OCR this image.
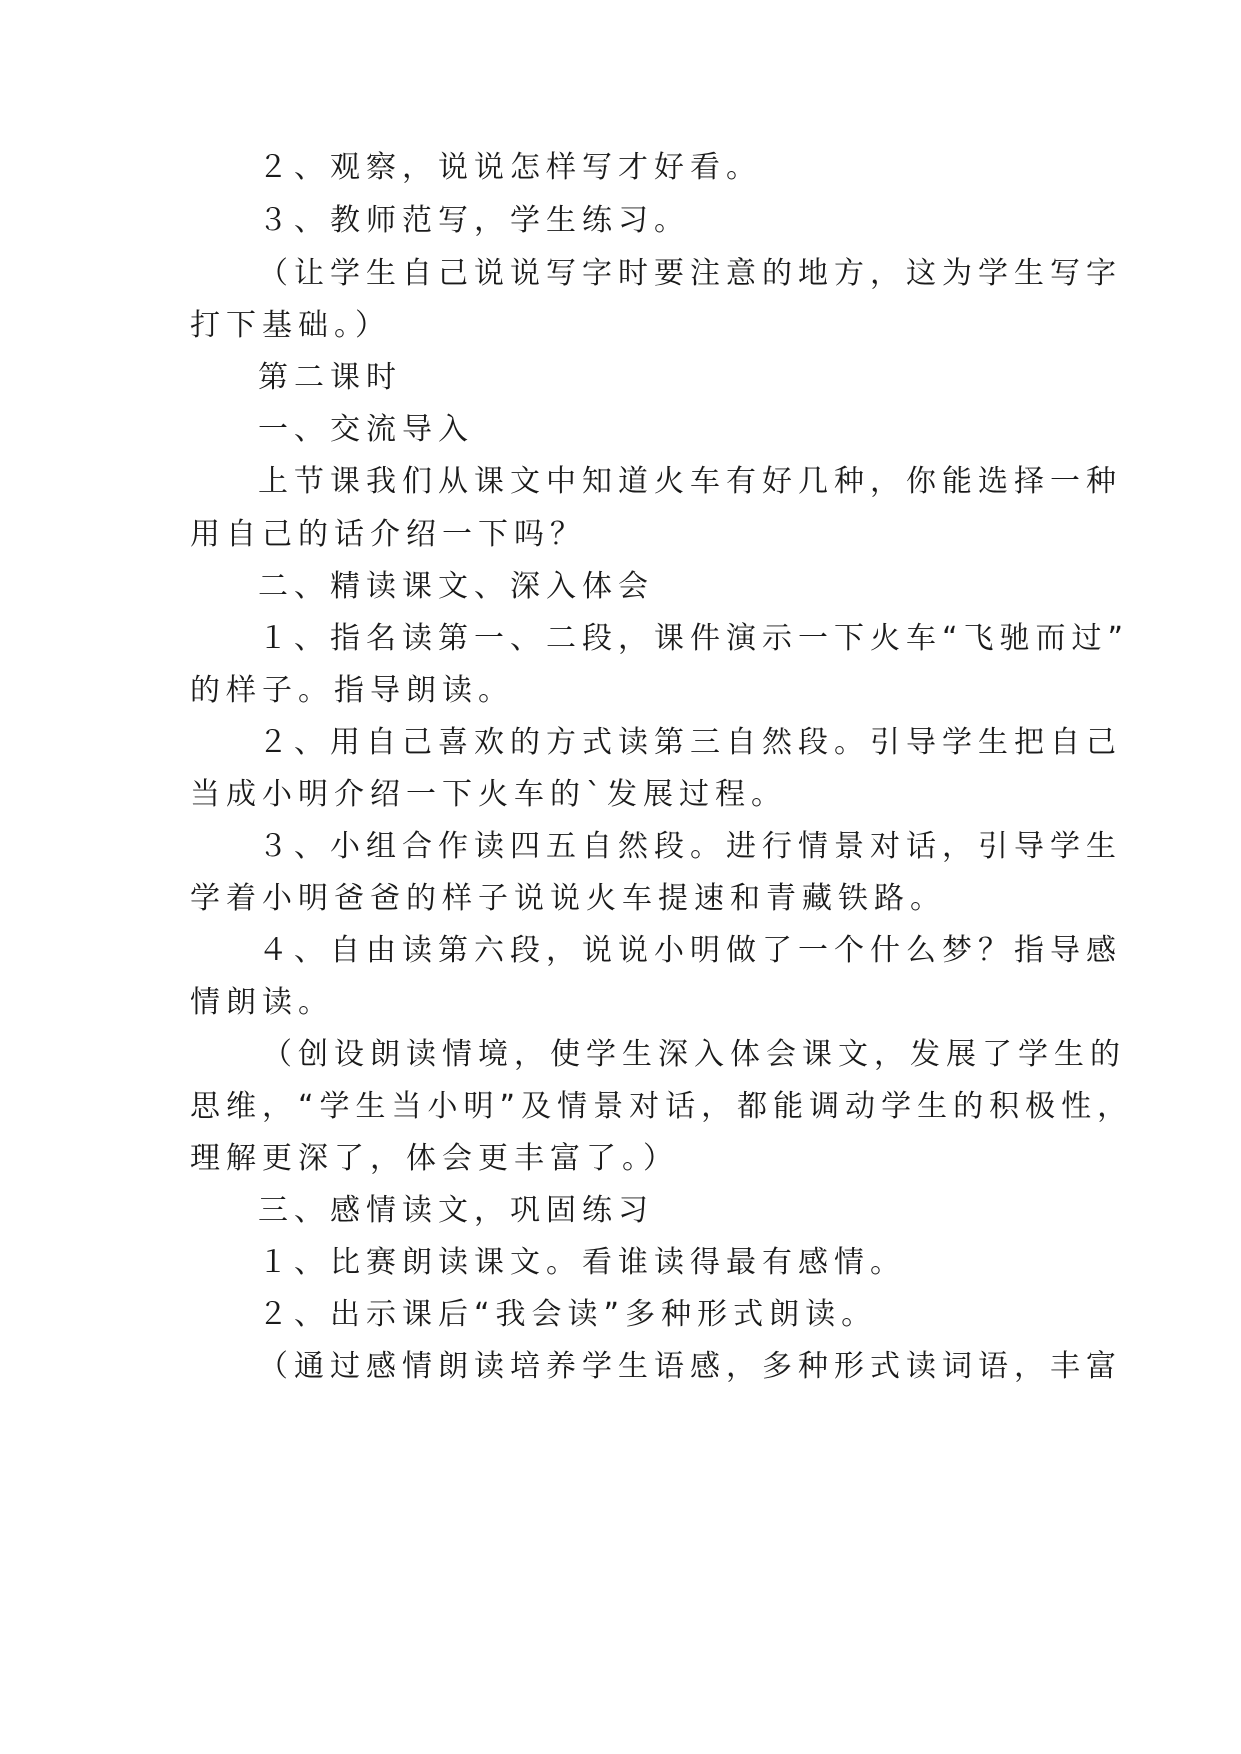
２、观察，说说怎样写才好看。
３、教师范写，学生练习。
（让学生自己说说写字时要注意的地方，这为学生写字
打下基础。）
第二课时
一、交流导入
上节课我们从课文中知道火车有好几种，你能选择一种
用自己的话介绍一下吗？
二、精读课文、深入体会
１、指名读第一、二段，课件演示一下火车“飞驰而过”
的样子。指导朗读。
２、用自己喜欢的方式读第三自然段。引导学生把自己
当成小明介绍一下火车的`发展过程。
３、小组合作读四五自然段。进行情景对话，引导学生
学着小明爸爸的样子说说火车提速和青藏铁路。
４、自由读第六段，说说小明做了一个什么梦？指导感
情朗读。
（创设朗读情境，使学生深入体会课文，发展了学生的
思维，“学生当小明”及情景对话，都能调动学生的积极性，
理解更深了，体会更丰富了。）
三、感情读文，巩固练习
１、比赛朗读课文。看谁读得最有感情。
２、出示课后“我会读”多种形式朗读。
（通过感情朗读培养学生语感，多种形式读词语，丰富
